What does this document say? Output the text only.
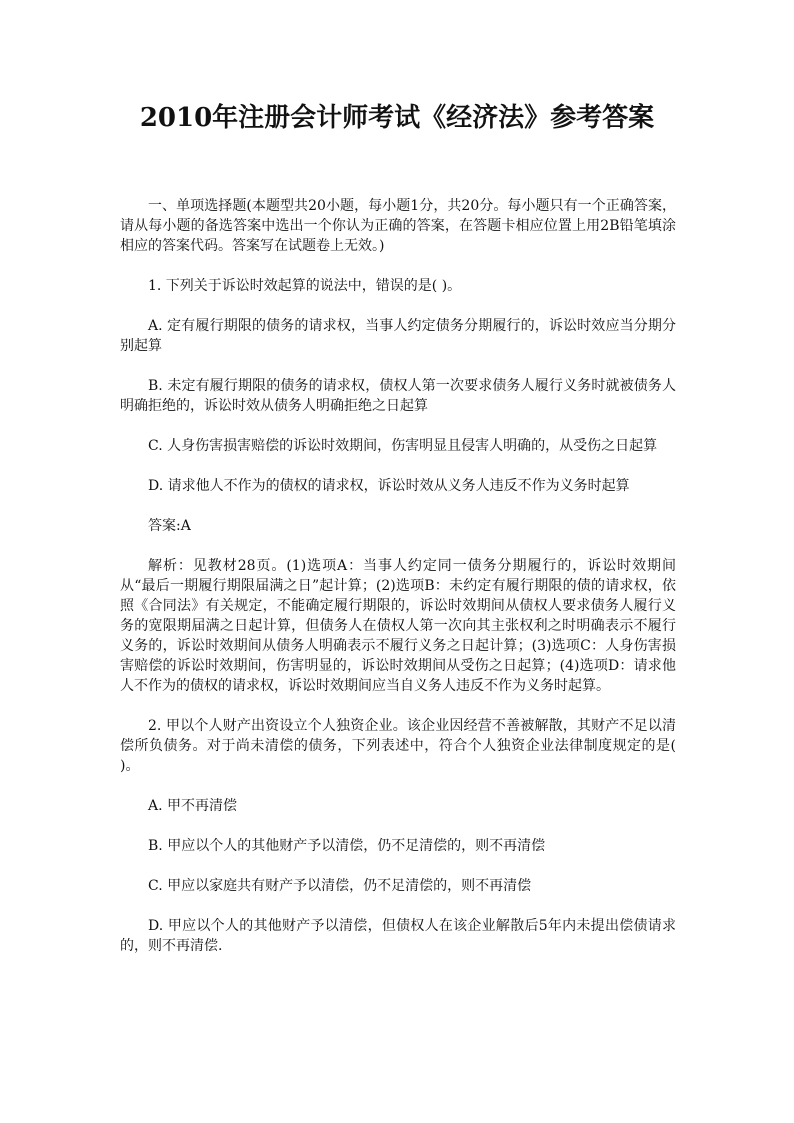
2010年注册会计师考试《经济法》参考答案

一、单项选择题(本题型共20小题，每小题1分，共20分。每小题只有一个正确答案，请从每小题的备选答案中选出一个你认为正确的答案，在答题卡相应位置上用2B铅笔填涂相应的答案代码。答案写在试题卷上无效。)

1. 下列关于诉讼时效起算的说法中，错误的是( )。

A. 定有履行期限的债务的请求权，当事人约定债务分期履行的，诉讼时效应当分期分别起算

B. 未定有履行期限的债务的请求权，债权人第一次要求债务人履行义务时就被债务人明确拒绝的，诉讼时效从债务人明确拒绝之日起算

C. 人身伤害损害赔偿的诉讼时效期间，伤害明显且侵害人明确的，从受伤之日起算

D. 请求他人不作为的债权的请求权，诉讼时效从义务人违反不作为义务时起算

答案:A

解析：见教材28页。(1)选项A：当事人约定同一债务分期履行的，诉讼时效期间从“最后一期履行期限届满之日”起计算；(2)选项B：未约定有履行期限的债的请求权，依照《合同法》有关规定，不能确定履行期限的，诉讼时效期间从债权人要求债务人履行义务的宽限期届满之日起计算，但债务人在债权人第一次向其主张权利之时明确表示不履行义务的，诉讼时效期间从债务人明确表示不履行义务之日起计算；(3)选项C：人身伤害损害赔偿的诉讼时效期间，伤害明显的，诉讼时效期间从受伤之日起算；(4)选项D：请求他人不作为的债权的请求权，诉讼时效期间应当自义务人违反不作为义务时起算。

2. 甲以个人财产出资设立个人独资企业。该企业因经营不善被解散，其财产不足以清偿所负债务。对于尚未清偿的债务，下列表述中，符合个人独资企业法律制度规定的是( )。

A. 甲不再清偿

B. 甲应以个人的其他财产予以清偿，仍不足清偿的，则不再清偿

C. 甲应以家庭共有财产予以清偿，仍不足清偿的，则不再清偿

D. 甲应以个人的其他财产予以清偿，但债权人在该企业解散后5年内未提出偿债请求的，则不再清偿.
